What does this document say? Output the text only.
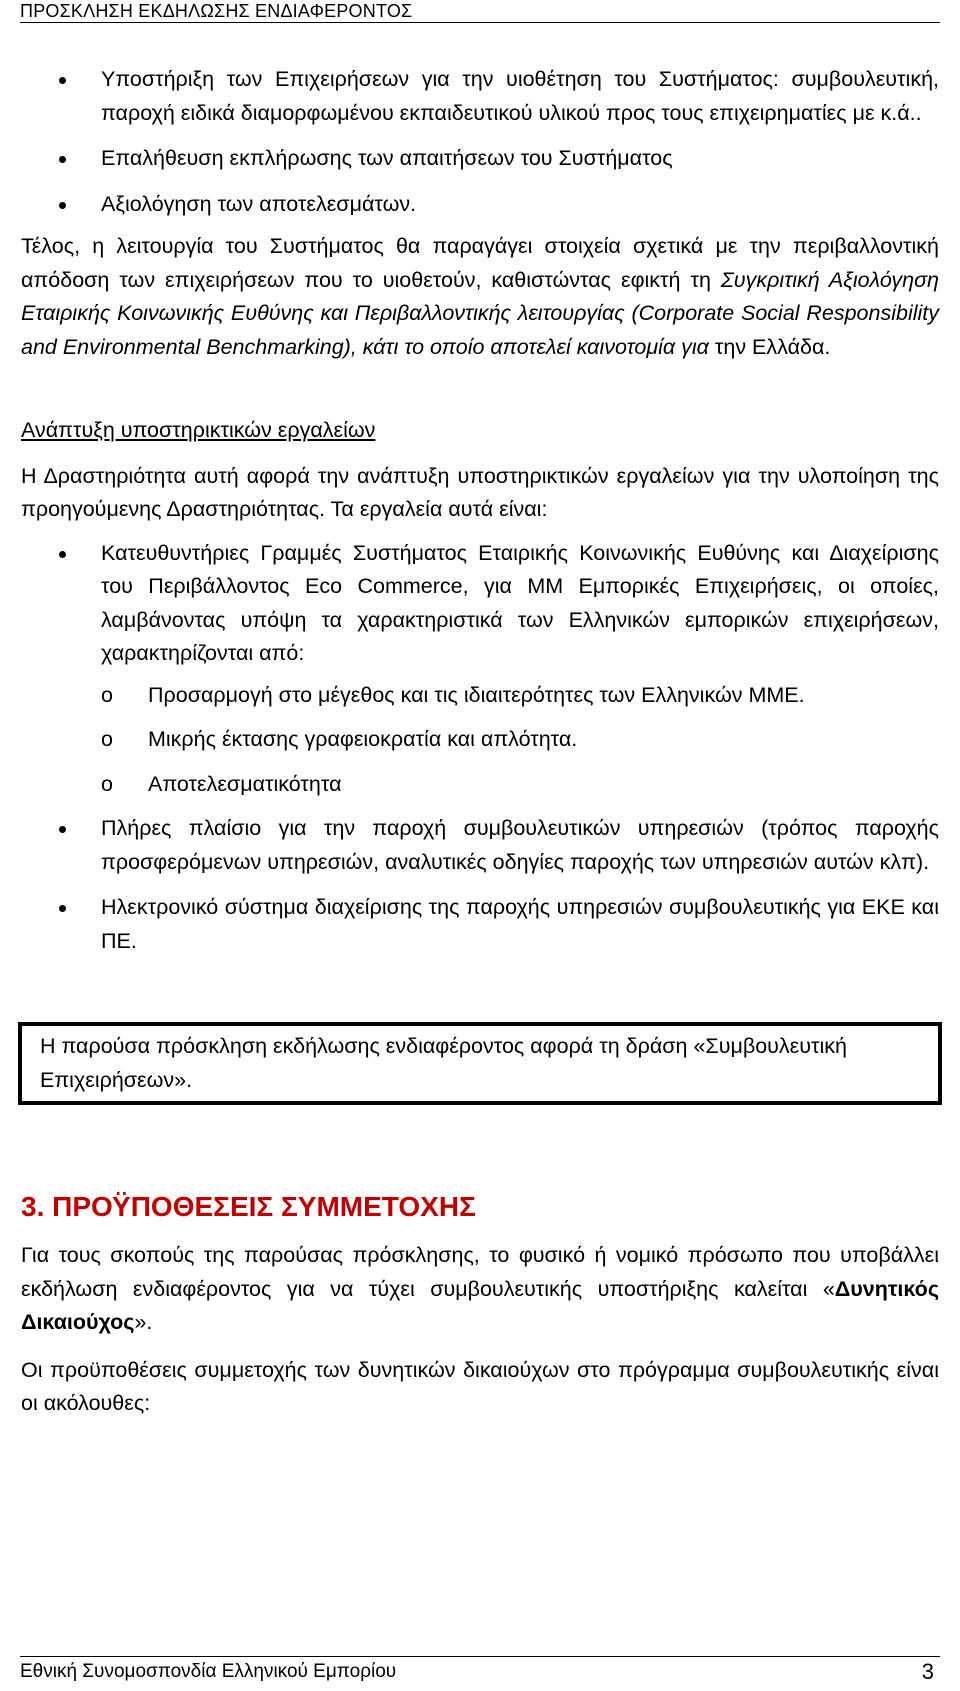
ΠΡΟΣΚΛΗΣΗ ΕΚΔΗΛΩΣΗΣ ΕΝΔΙΑΦΕΡΟΝΤΟΣ
Υποστήριξη των Επιχειρήσεων για την υιοθέτηση του Συστήματος: συμβουλευτική, παροχή ειδικά διαμορφωμένου εκπαιδευτικού υλικού προς τους επιχειρηματίες με κ.ά..
Επαλήθευση εκπλήρωσης των απαιτήσεων του Συστήματος
Αξιολόγηση των αποτελεσμάτων.

Τέλος, η λειτουργία του Συστήματος θα παραγάγει στοιχεία σχετικά με την περιβαλλοντική απόδοση των επιχειρήσεων που το υιοθετούν, καθιστώντας εφικτή τη Συγκριτική Αξιολόγηση Εταιρικής Κοινωνικής Ευθύνης και Περιβαλλοντικής λειτουργίας (Corporate Social Responsibility and Environmental Benchmarking), κάτι το οποίο αποτελεί καινοτομία για την Ελλάδα.

Ανάπτυξη υποστηρικτικών εργαλείων

Η Δραστηριότητα αυτή αφορά την ανάπτυξη υποστηρικτικών εργαλείων για την υλοποίηση της προηγούμενης Δραστηριότητας. Τα εργαλεία αυτά είναι:

Κατευθυντήριες Γραμμές Συστήματος Εταιρικής Κοινωνικής Ευθύνης και Διαχείρισης του Περιβάλλοντος Eco Commerce, για ΜΜ Εμπορικές Επιχειρήσεις, οι οποίες, λαμβάνοντας υπόψη τα χαρακτηριστικά των Ελληνικών εμπορικών επιχειρήσεων, χαρακτηρίζονται από:
o Προσαρμογή στο μέγεθος και τις ιδιαιτερότητες των Ελληνικών ΜΜΕ.
o Μικρής έκτασης γραφειοκρατία και απλότητα.
o Αποτελεσματικότητα
Πλήρες πλαίσιο για την παροχή συμβουλευτικών υπηρεσιών (τρόπος παροχής προσφερόμενων υπηρεσιών, αναλυτικές οδηγίες παροχής των υπηρεσιών αυτών κλπ).
Ηλεκτρονικό σύστημα διαχείρισης της παροχής υπηρεσιών συμβουλευτικής για ΕΚΕ και ΠΕ.
Η παρούσα πρόσκληση εκδήλωσης ενδιαφέροντος αφορά τη δράση «Συμβουλευτική Επιχειρήσεων».
3. ΠΡΟΫΠΟΘΕΣΕΙΣ ΣΥΜΜΕΤΟΧΗΣ

Για τους σκοπούς της παρούσας πρόσκλησης, το φυσικό ή νομικό πρόσωπο που υποβάλλει εκδήλωση ενδιαφέροντος για να τύχει συμβουλευτικής υποστήριξης καλείται «Δυνητικός Δικαιούχος».

Οι προϋποθέσεις συμμετοχής των δυνητικών δικαιούχων στο πρόγραμμα συμβουλευτικής είναι οι ακόλουθες:

Εθνική Συνομοσπονδία Ελληνικού Εμπορίου	3
